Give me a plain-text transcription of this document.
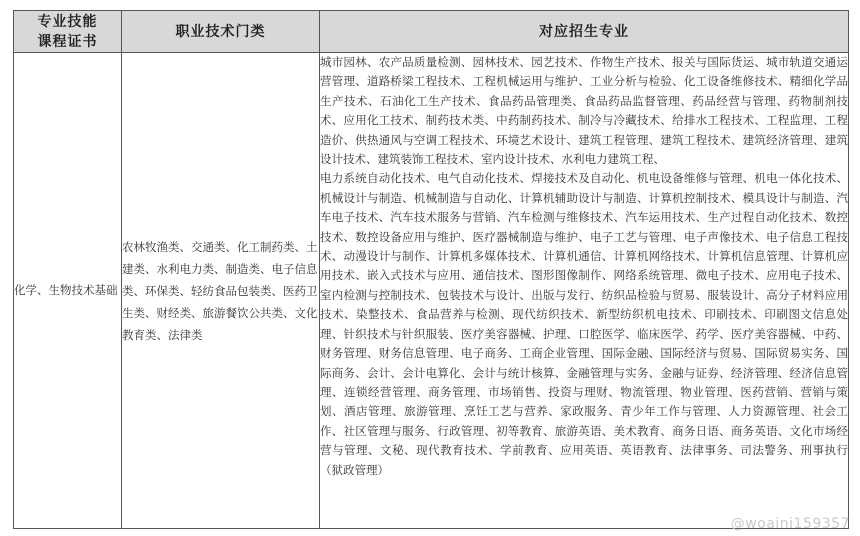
专业技能
课程证书	职业技术门类	对应招生专业

化学、生物技术基础	农林牧渔类、交通类、化工制药类、土建类、水利电力类、制造类、电子信息类、环保类、轻纺食品包装类、医药卫生类、财经类、旅游餐饮公共类、文化教育类、法律类	城市园林、农产品质量检测、园林技术、园艺技术、作物生产技术、报关与国际货运、城市轨道交通运营管理、道路桥梁工程技术、工程机械运用与维护、工业分析与检验、化工设备维修技术、精细化学品生产技术、石油化工生产技术、食品药品管理类、食品药品监督管理、药品经营与管理、药物制剂技术、应用化工技术、制药技术类、中药制药技术、制冷与冷藏技术、给排水工程技术、工程监理、工程造价、供热通风与空调工程技术、环境艺术设计、建筑工程管理、建筑工程技术、建筑经济管理、建筑设计技术、建筑装饰工程技术、室内设计技术、水利电力建筑工程、

电力系统自动化技术、电气自动化技术、焊接技术及自动化、机电设备维修与管理、机电一体化技术、机械设计与制造、机械制造与自动化、计算机辅助设计与制造、计算机控制技术、模具设计与制造、汽车电子技术、汽车技术服务与营销、汽车检测与维修技术、汽车运用技术、生产过程自动化技术、数控技术、数控设备应用与维护、医疗器械制造与维护、电子工艺与管理、电子声像技术、电子信息工程技术、动漫设计与制作、计算机多媒体技术、计算机通信、计算机网络技术、计算机信息管理、计算机应用技术、嵌入式技术与应用、通信技术、图形图像制作、网络系统管理、微电子技术、应用电子技术、室内检测与控制技术、包装技术与设计、出版与发行、纺织品检验与贸易、服装设计、高分子材料应用技术、染整技术、食品营养与检测、现代纺织技术、新型纺织机电技术、印刷技术、印刷图文信息处理、针织技术与针织服装、医疗美容器械、护理、口腔医学、临床医学、药学、医疗美容器械、中药、财务管理、财务信息管理、电子商务、工商企业管理、国际金融、国际经济与贸易、国际贸易实务、国际商务、会计、会计电算化、会计与统计核算、金融管理与实务、金融与证券、经济管理、经济信息管理、连锁经营管理、商务管理、市场销售、投资与理财、物流管理、物业管理、医药营销、营销与策划、酒店管理、旅游管理、烹饪工艺与营养、家政服务、青少年工作与管理、人力资源管理、社会工作、社区管理与服务、行政管理、初等教育、旅游英语、美术教育、商务日语、商务英语、文化市场经营与管理、文秘、现代教育技术、学前教育、应用英语、英语教育、法律事务、司法警务、刑事执行（狱政管理）

@woaini159357
